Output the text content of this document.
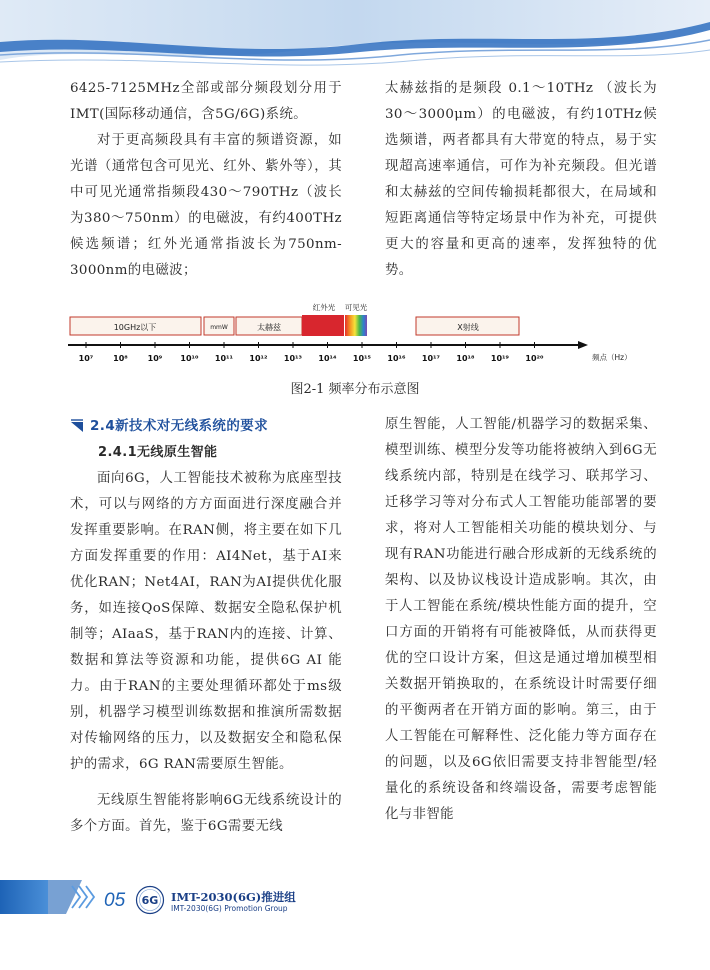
6425-7125MHz全部或部分频段划分用于IMT(国际移动通信，含5G/6G)系统。

对于更高频段具有丰富的频谱资源，如光谱（通常包含可见光、红外、紫外等），其中可见光通常指频段430～790THz（波长为380～750nm）的电磁波，有约400THz候选频谱；红外光通常指波长为750nm-3000nm的电磁波；

太赫兹指的是频段 0.1～10THz （波长为30～3000μm）的电磁波，有约10THz候选频谱，两者都具有大带宽的特点，易于实现超高速率通信，可作为补充频段。但光谱和太赫兹的空间传输损耗都很大，在局域和短距离通信等特定场景中作为补充，可提供更大的容量和更高的速率，发挥独特的优势。

10GHz以下	mmW	太赫兹
红外光 可见光
X射线
10⁷ 10⁸ 10⁹ 10¹⁰ 10¹¹ 10¹² 10¹³ 10¹⁴ 10¹⁵ 10¹⁶ 10¹⁷ 10¹⁸ 10¹⁹ 10²⁰	频点（Hz）
图2-1 频率分布示意图
2.4新技术对无线系统的要求
2.4.1无线原生智能

面向6G，人工智能技术被称为底座型技术，可以与网络的方方面面进行深度融合并发挥重要影响。在RAN侧，将主要在如下几方面发挥重要的作用：AI4Net，基于AI来优化RAN；Net4AI，RAN为AI提供优化服务，如连接QoS保障、数据安全隐私保护机制等；AIaaS，基于RAN内的连接、计算、数据和算法等资源和功能，提供6G AI 能力。由于RAN的主要处理循环都处于ms级别，机器学习模型训练数据和推演所需数据对传输网络的压力，以及数据安全和隐私保护的需求，6G RAN需要原生智能。

无线原生智能将影响6G无线系统设计的多个方面。首先，鉴于6G需要无线

原生智能，人工智能/机器学习的数据采集、模型训练、模型分发等功能将被纳入到6G无线系统内部，特别是在线学习、联邦学习、迁移学习等对分布式人工智能功能部署的要求，将对人工智能相关功能的模块划分、与现有RAN功能进行融合形成新的无线系统的架构、以及协议栈设计造成影响。其次，由于人工智能在系统/模块性能方面的提升，空口方面的开销将有可能被降低，从而获得更优的空口设计方案，但这是通过增加模型相关数据开销换取的，在系统设计时需要仔细的平衡两者在开销方面的影响。第三，由于人工智能在可解释性、泛化能力等方面存在的问题，以及6G依旧需要支持非智能型/轻量化的系统设备和终端设备，需要考虑智能化与非智能

05 6G IMT-2030(6G)推进组
IMT-2030(6G) Promotion Group
